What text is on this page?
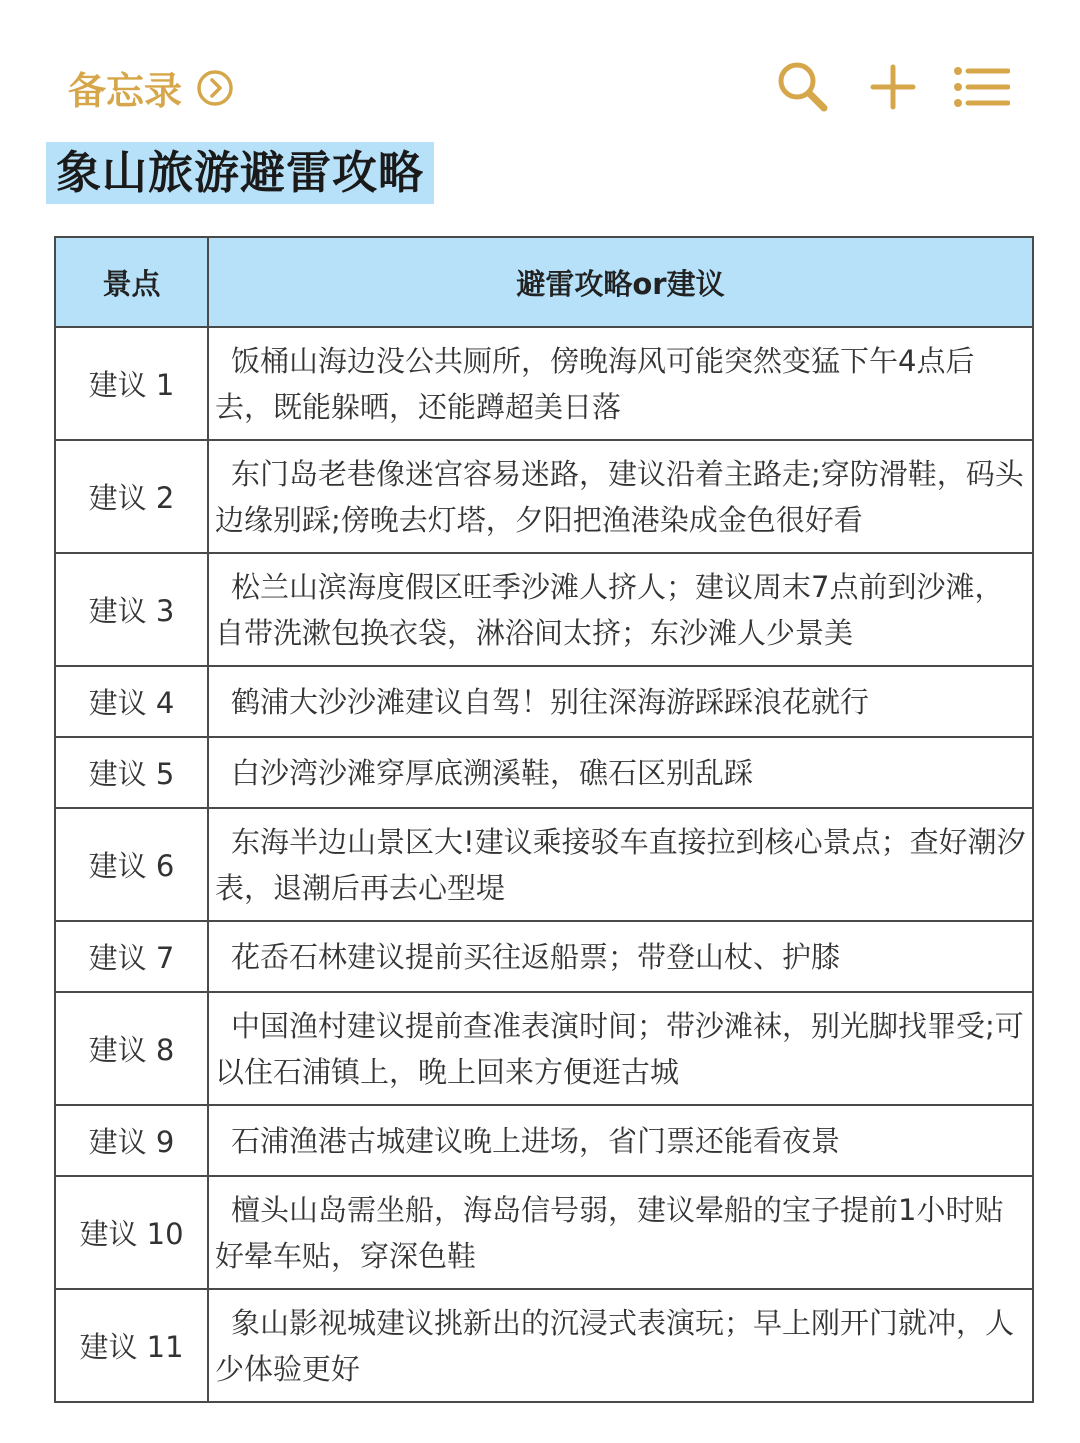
备忘录
象山旅游避雷攻略
景点	避雷攻略or建议
建议 1	饭桶山海边没公共厕所，傍晚海风可能突然变猛下午4点后去，既能躲晒，还能蹲超美日落
建议 2	东门岛老巷像迷宫容易迷路，建议沿着主路走;穿防滑鞋，码头边缘别踩;傍晚去灯塔，夕阳把渔港染成金色很好看
建议 3	松兰山滨海度假区旺季沙滩人挤人；建议周末7点前到沙滩，自带洗漱包换衣袋，淋浴间太挤；东沙滩人少景美
建议 4	鹤浦大沙沙滩建议自驾！别往深海游踩踩浪花就行
建议 5	白沙湾沙滩穿厚底溯溪鞋，礁石区别乱踩
建议 6	东海半边山景区大!建议乘接驳车直接拉到核心景点；查好潮汐表，退潮后再去心型堤
建议 7	花岙石林建议提前买往返船票；带登山杖、护膝
建议 8	中国渔村建议提前查准表演时间；带沙滩袜，别光脚找罪受;可以住石浦镇上，晚上回来方便逛古城
建议 9	石浦渔港古城建议晚上进场，省门票还能看夜景
建议 10	檀头山岛需坐船，海岛信号弱，建议晕船的宝子提前1小时贴好晕车贴，穿深色鞋
建议 11	象山影视城建议挑新出的沉浸式表演玩；早上刚开门就冲，人少体验更好
